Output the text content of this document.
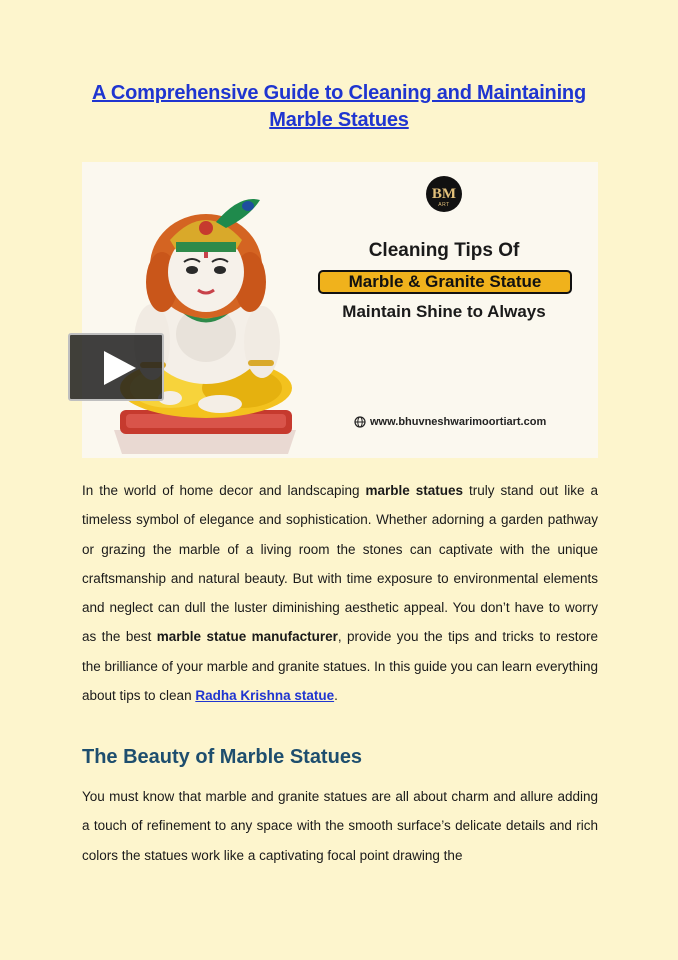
A Comprehensive Guide to Cleaning and Maintaining Marble Statues
BM
ART
Cleaning Tips Of
Marble & Granite Statue
Maintain Shine to Always
www.bhuvneshwarimoortiart.com

In the world of home decor and landscaping marble statues truly stand out like a timeless symbol of elegance and sophistication. Whether adorning a garden pathway or grazing the marble of a living room the stones can captivate with the unique craftsmanship and natural beauty. But with time exposure to environmental elements and neglect can dull the luster diminishing aesthetic appeal. You don’t have to worry as the best marble statue manufacturer, provide you the tips and tricks to restore the brilliance of your marble and granite statues. In this guide you can learn everything about tips to clean Radha Krishna statue.

The Beauty of Marble Statues

You must know that marble and granite statues are all about charm and allure adding a touch of refinement to any space with the smooth surface’s delicate details and rich colors the statues work like a captivating focal point drawing the
